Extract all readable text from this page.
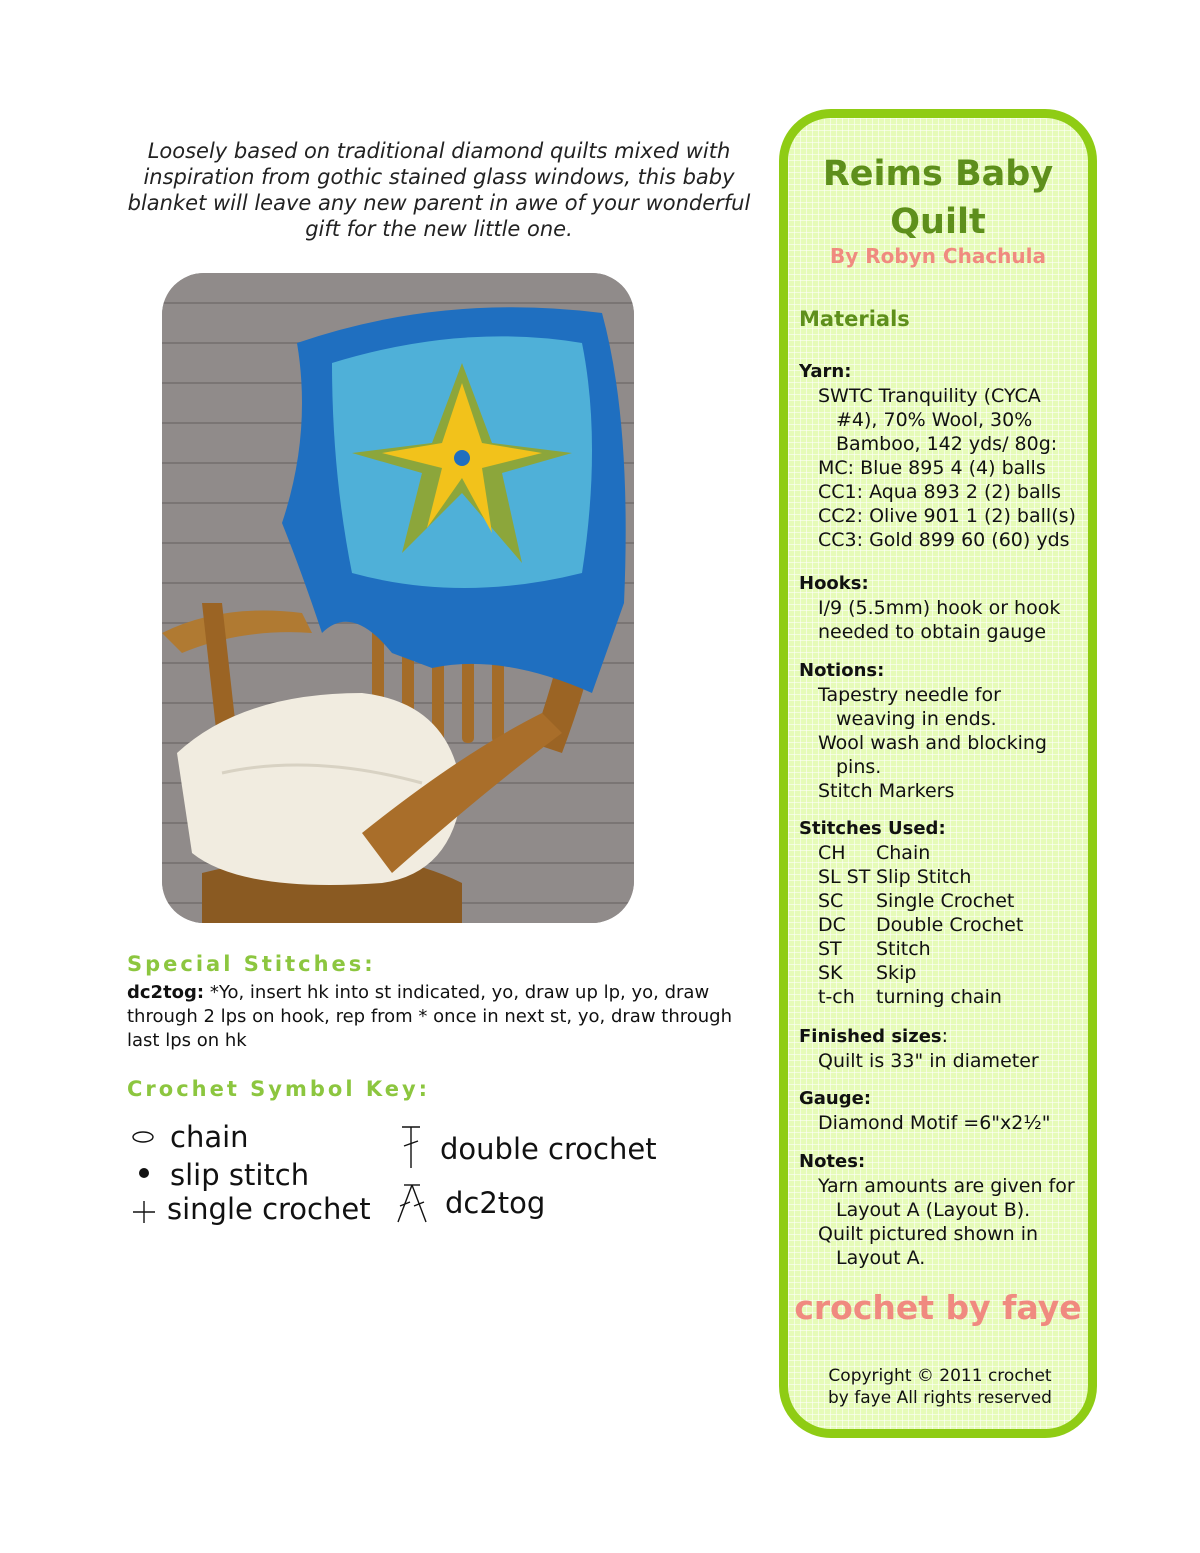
Loosely based on traditional diamond quilts mixed with inspiration from gothic stained glass windows, this baby blanket will leave any new parent in awe of your wonderful gift for the new little one.
Special Stitches:
dc2tog: *Yo, insert hk into st indicated, yo, draw up lp, yo, draw through 2 lps on hook, rep from * once in next st, yo, draw through last lps on hk
Crochet Symbol Key:
chain
slip stitch
single crochet
double crochet
dc2tog
Reims Baby
Quilt
By Robyn Chachula
Materials
Yarn:
SWTC Tranquility (CYCA
#4), 70% Wool, 30%
Bamboo, 142 yds/ 80g:
MC: Blue 895 4 (4) balls
CC1: Aqua 893 2 (2) balls
CC2: Olive 901 1 (2) ball(s)
CC3: Gold 899 60 (60) yds
Hooks:
I/9 (5.5mm) hook or hook
needed to obtain gauge
Notions:
Tapestry needle for
weaving in ends.
Wool wash and blocking
pins.
Stitch Markers
Stitches Used:
CH	Chain
SL ST Slip Stitch
SC	Single Crochet
DC	Double Crochet
ST	Stitch
SK	Skip
t-ch	turning chain
Finished sizes:
Quilt is 33" in diameter
Gauge:
Diamond Motif =6"x2½"
Notes:
Yarn amounts are given for
Layout A (Layout B).
Quilt pictured shown in
Layout A.
crochet by faye
Copyright © 2011 crochet by faye All rights reserved
